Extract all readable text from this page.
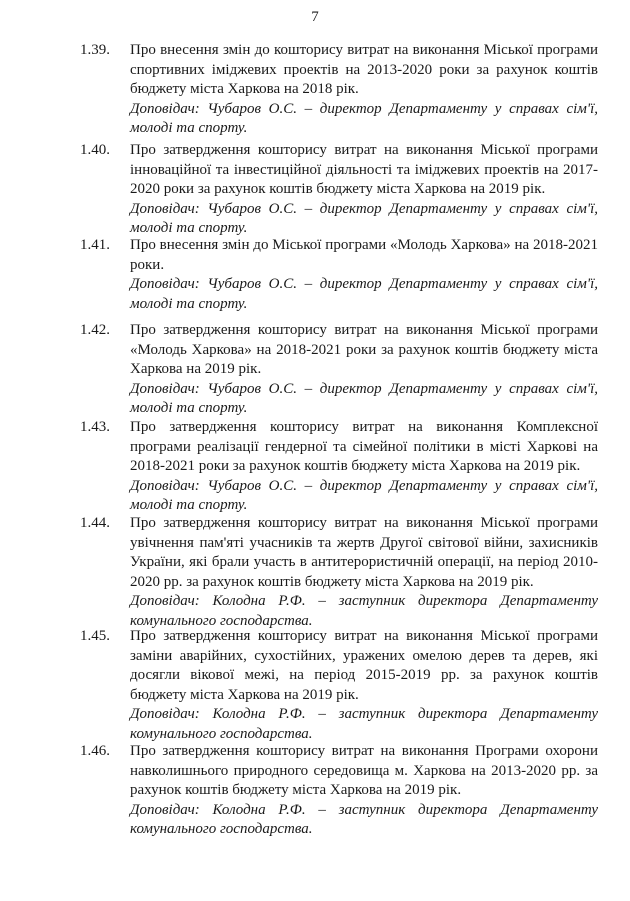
7
1.39. Про внесення змін до кошторису витрат на виконання Міської програми спортивних іміджевих проектів на 2013-2020 роки за рахунок коштів бюджету міста Харкова на 2018 рік.
Доповідач: Чубаров О.С. – директор Департаменту у справах сім'ї, молоді та спорту.
1.40. Про затвердження кошторису витрат на виконання Міської програми інноваційної та інвестиційної діяльності та іміджевих проектів на 2017-2020 роки за рахунок коштів бюджету міста Харкова на 2019 рік.
Доповідач: Чубаров О.С. – директор Департаменту у справах сім'ї, молоді та спорту.
1.41. Про внесення змін до Міської програми «Молодь Харкова» на 2018-2021 роки.
Доповідач: Чубаров О.С. – директор Департаменту у справах сім'ї, молоді та спорту.
1.42. Про затвердження кошторису витрат на виконання Міської програми «Молодь Харкова» на 2018-2021 роки за рахунок коштів бюджету міста Харкова на 2019 рік.
Доповідач: Чубаров О.С. – директор Департаменту у справах сім'ї, молоді та спорту.
1.43. Про затвердження кошторису витрат на виконання Комплексної програми реалізації гендерної та сімейної політики в місті Харкові на 2018-2021 роки за рахунок коштів бюджету міста Харкова на 2019 рік.
Доповідач: Чубаров О.С. – директор Департаменту у справах сім'ї, молоді та спорту.
1.44. Про затвердження кошторису витрат на виконання Міської програми увічнення пам'яті учасників та жертв Другої світової війни, захисників України, які брали участь в антитерористичній операції, на період 2010-2020 рр. за рахунок коштів бюджету міста Харкова на 2019 рік.
Доповідач: Колодна Р.Ф. – заступник директора Департаменту комунального господарства.
1.45. Про затвердження кошторису витрат на виконання Міської програми заміни аварійних, сухостійних, уражених омелою дерев та дерев, які досягли вікової межі, на період 2015-2019 рр. за рахунок коштів бюджету міста Харкова на 2019 рік.
Доповідач: Колодна Р.Ф. – заступник директора Департаменту комунального господарства.
1.46. Про затвердження кошторису витрат на виконання Програми охорони навколишнього природного середовища м. Харкова на 2013-2020 рр. за рахунок коштів бюджету міста Харкова на 2019 рік.
Доповідач: Колодна Р.Ф. – заступник директора Департаменту комунального господарства.
